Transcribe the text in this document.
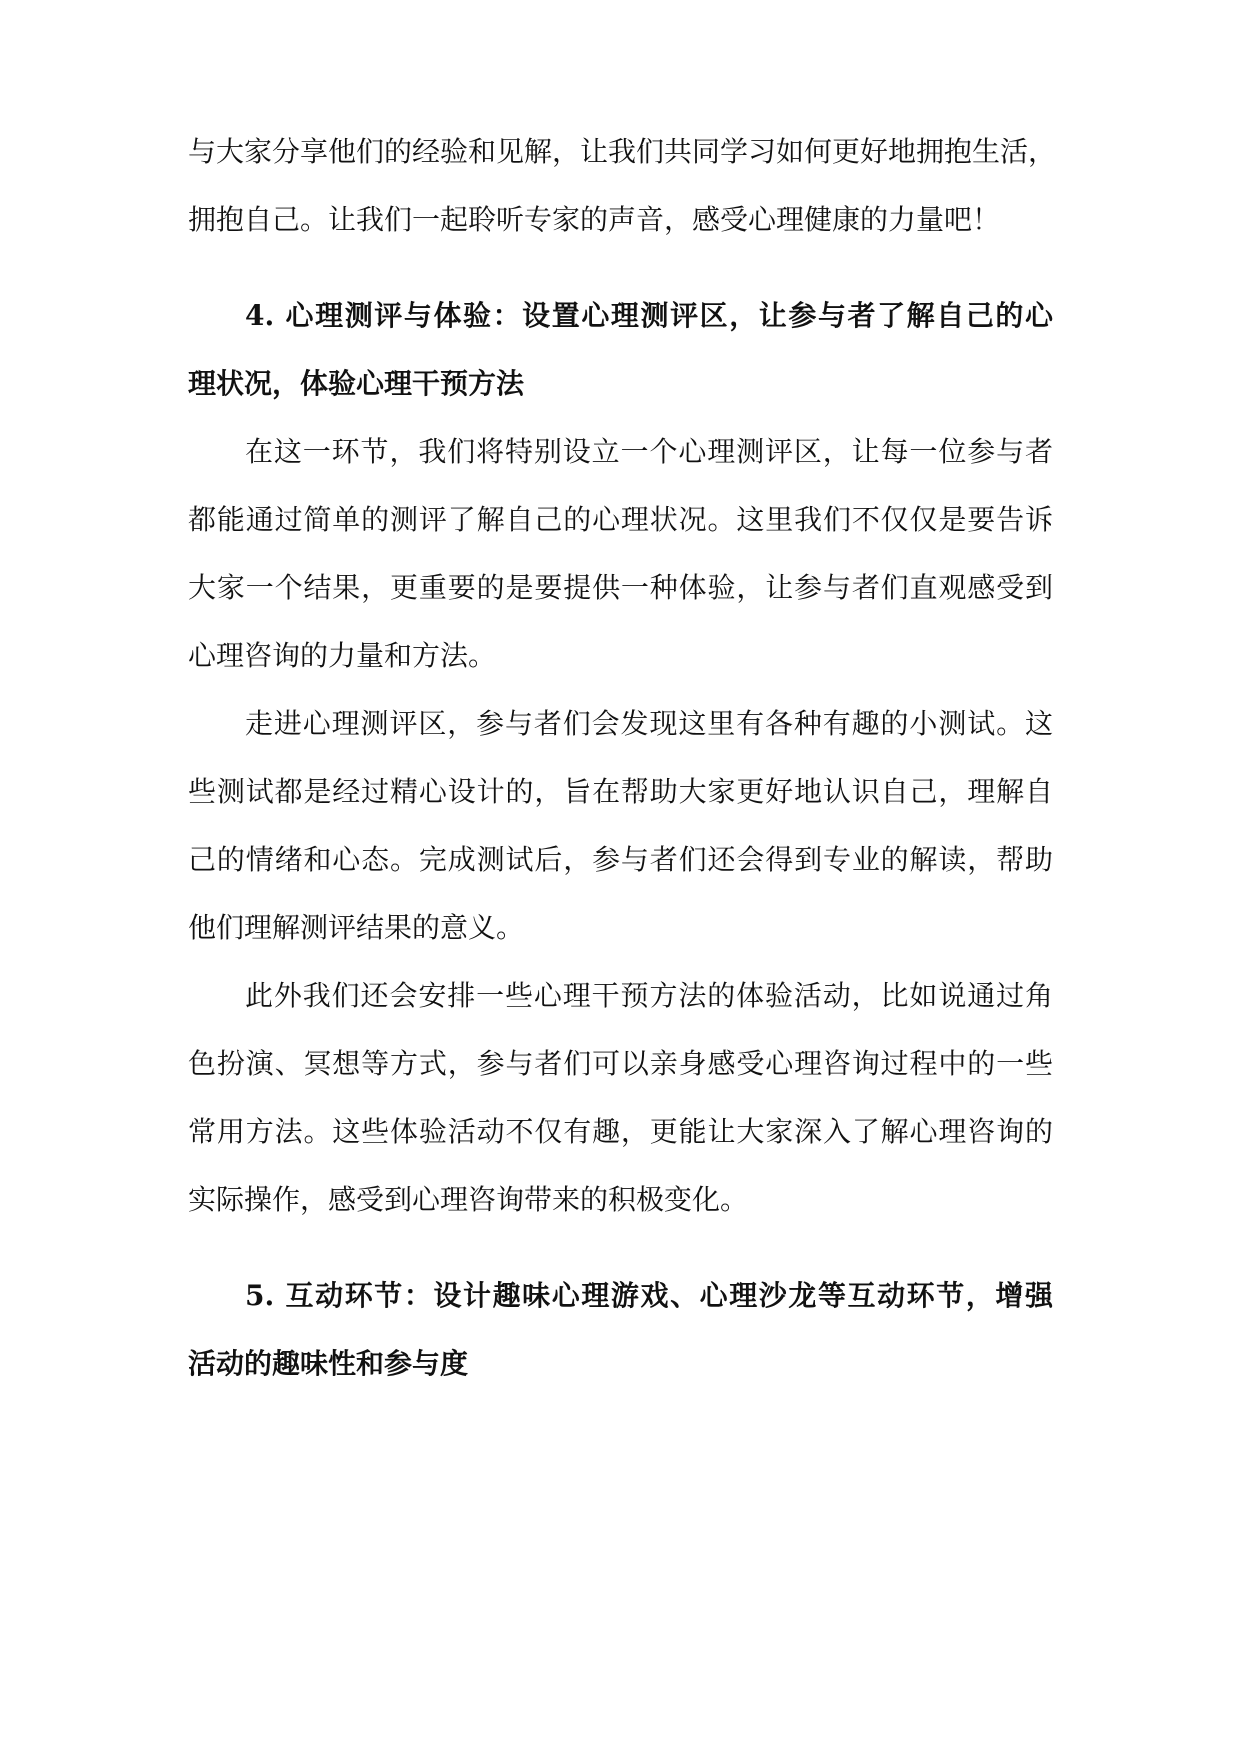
与大家分享他们的经验和见解，让我们共同学习如何更好地拥抱生活，
拥抱自己。让我们一起聆听专家的声音，感受心理健康的力量吧！
4. 心理测评与体验：设置心理测评区，让参与者了解自己的心
理状况，体验心理干预方法
在这一环节，我们将特别设立一个心理测评区，让每一位参与者
都能通过简单的测评了解自己的心理状况。这里我们不仅仅是要告诉
大家一个结果，更重要的是要提供一种体验，让参与者们直观感受到
心理咨询的力量和方法。
走进心理测评区，参与者们会发现这里有各种有趣的小测试。这
些测试都是经过精心设计的，旨在帮助大家更好地认识自己，理解自
己的情绪和心态。完成测试后，参与者们还会得到专业的解读，帮助
他们理解测评结果的意义。
此外我们还会安排一些心理干预方法的体验活动，比如说通过角
色扮演、冥想等方式，参与者们可以亲身感受心理咨询过程中的一些
常用方法。这些体验活动不仅有趣，更能让大家深入了解心理咨询的
实际操作，感受到心理咨询带来的积极变化。
5. 互动环节：设计趣味心理游戏、心理沙龙等互动环节，增强
活动的趣味性和参与度
